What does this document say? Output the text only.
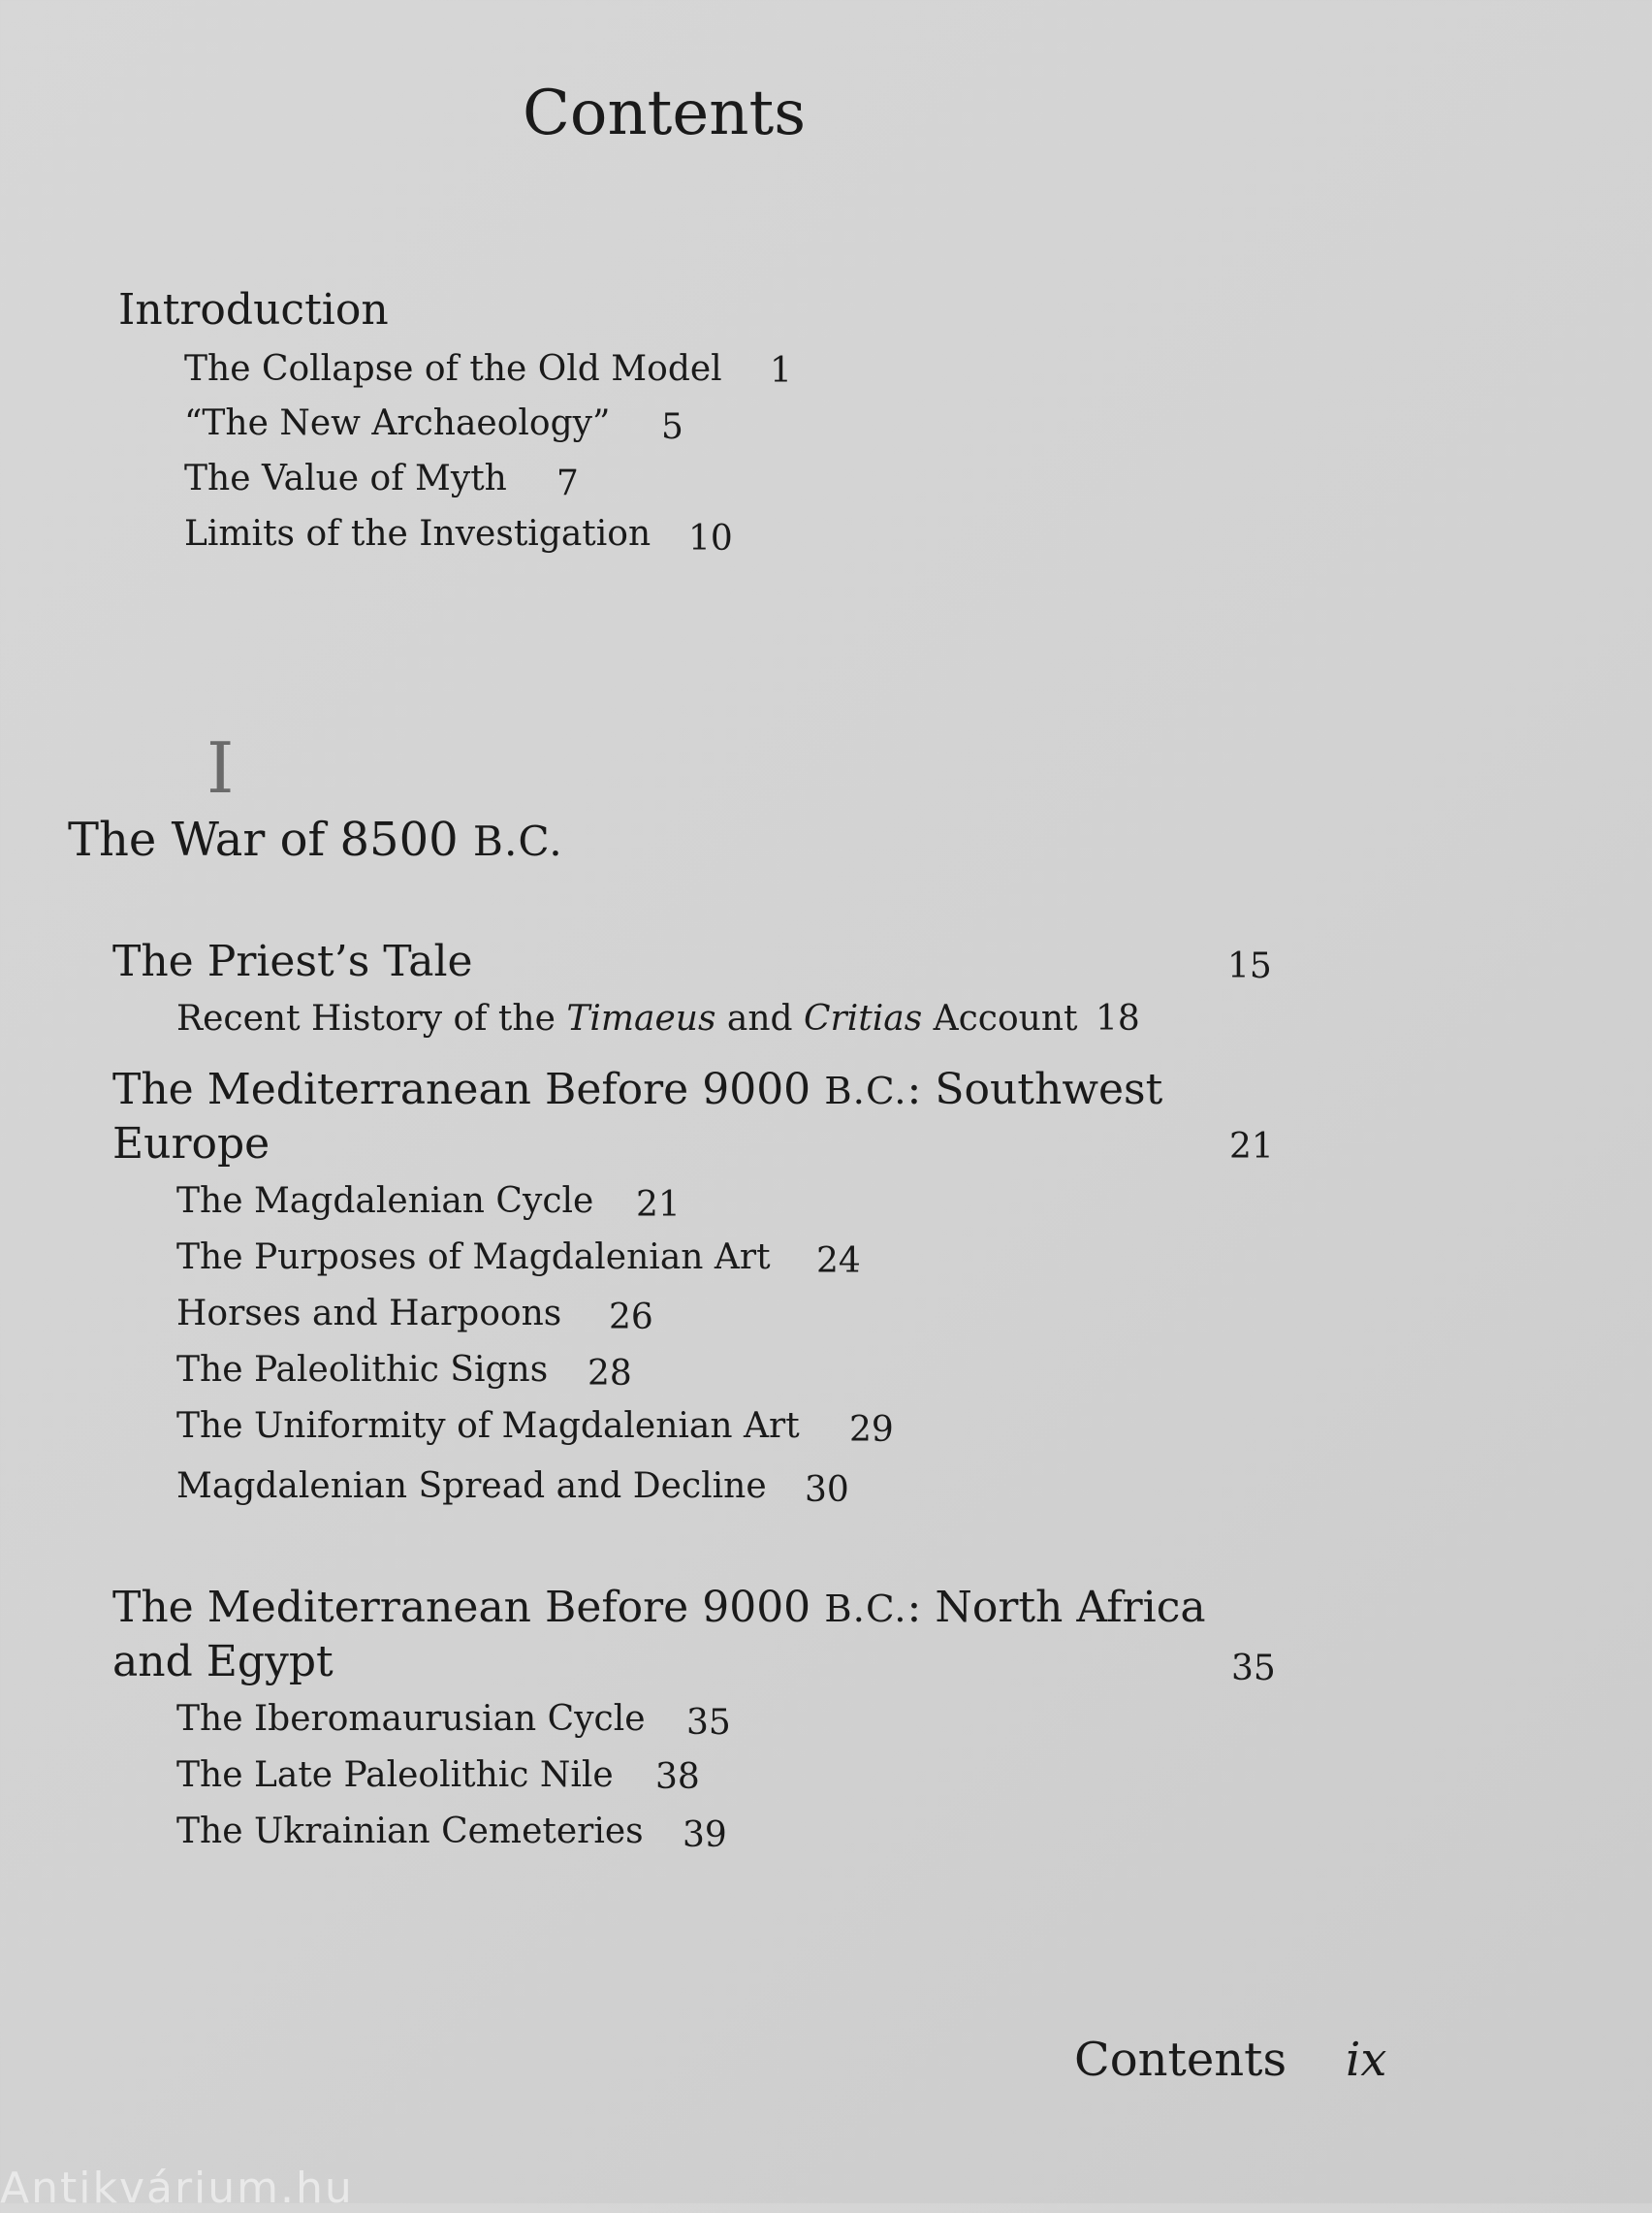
Contents
Introduction
The Collapse of the Old Model 1
“The New Archaeology” 5
The Value of Myth 7
Limits of the Investigation 10
I
The War of 8500 B.C.
The Priest’s Tale	15
Recent History of the Timaeus and Critias Account 18
The Mediterranean Before 9000 B.C.: Southwest
Europe	21
The Magdalenian Cycle 21
The Purposes of Magdalenian Art 24
Horses and Harpoons 26
The Paleolithic Signs 28
The Uniformity of Magdalenian Art 29
Magdalenian Spread and Decline 30
The Mediterranean Before 9000 B.C.: North Africa
and Egypt	35
The Iberomaurusian Cycle 35
The Late Paleolithic Nile 38
The Ukrainian Cemeteries 39
Contents ix
Antikvárium.hu
